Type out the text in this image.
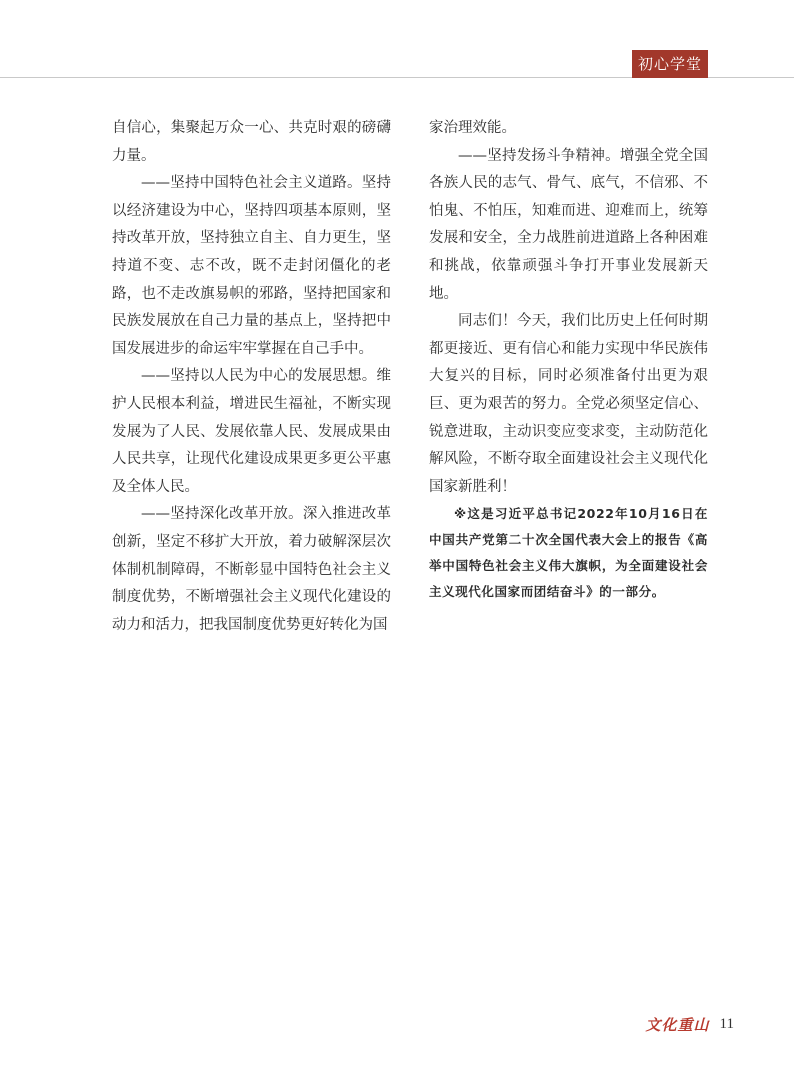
初心学堂

自信心，集聚起万众一心、共克时艰的磅礴力量。

——坚持中国特色社会主义道路。坚持以经济建设为中心，坚持四项基本原则，坚持改革开放，坚持独立自主、自力更生，坚持道不变、志不改，既不走封闭僵化的老路，也不走改旗易帜的邪路，坚持把国家和民族发展放在自己力量的基点上，坚持把中国发展进步的命运牢牢掌握在自己手中。

——坚持以人民为中心的发展思想。维护人民根本利益，增进民生福祉，不断实现发展为了人民、发展依靠人民、发展成果由人民共享，让现代化建设成果更多更公平惠及全体人民。

——坚持深化改革开放。深入推进改革创新，坚定不移扩大开放，着力破解深层次体制机制障碍，不断彰显中国特色社会主义制度优势，不断增强社会主义现代化建设的动力和活力，把我国制度优势更好转化为国

家治理效能。

——坚持发扬斗争精神。增强全党全国各族人民的志气、骨气、底气，不信邪、不怕鬼、不怕压，知难而进、迎难而上，统筹发展和安全，全力战胜前进道路上各种困难和挑战，依靠顽强斗争打开事业发展新天地。

同志们！今天，我们比历史上任何时期都更接近、更有信心和能力实现中华民族伟大复兴的目标，同时必须准备付出更为艰巨、更为艰苦的努力。全党必须坚定信心、锐意进取，主动识变应变求变，主动防范化解风险，不断夺取全面建设社会主义现代化国家新胜利！

※这是习近平总书记2022年10月16日在中国共产党第二十次全国代表大会上的报告《高举中国特色社会主义伟大旗帜，为全面建设社会主义现代化国家而团结奋斗》的一部分。

文化重山 11
